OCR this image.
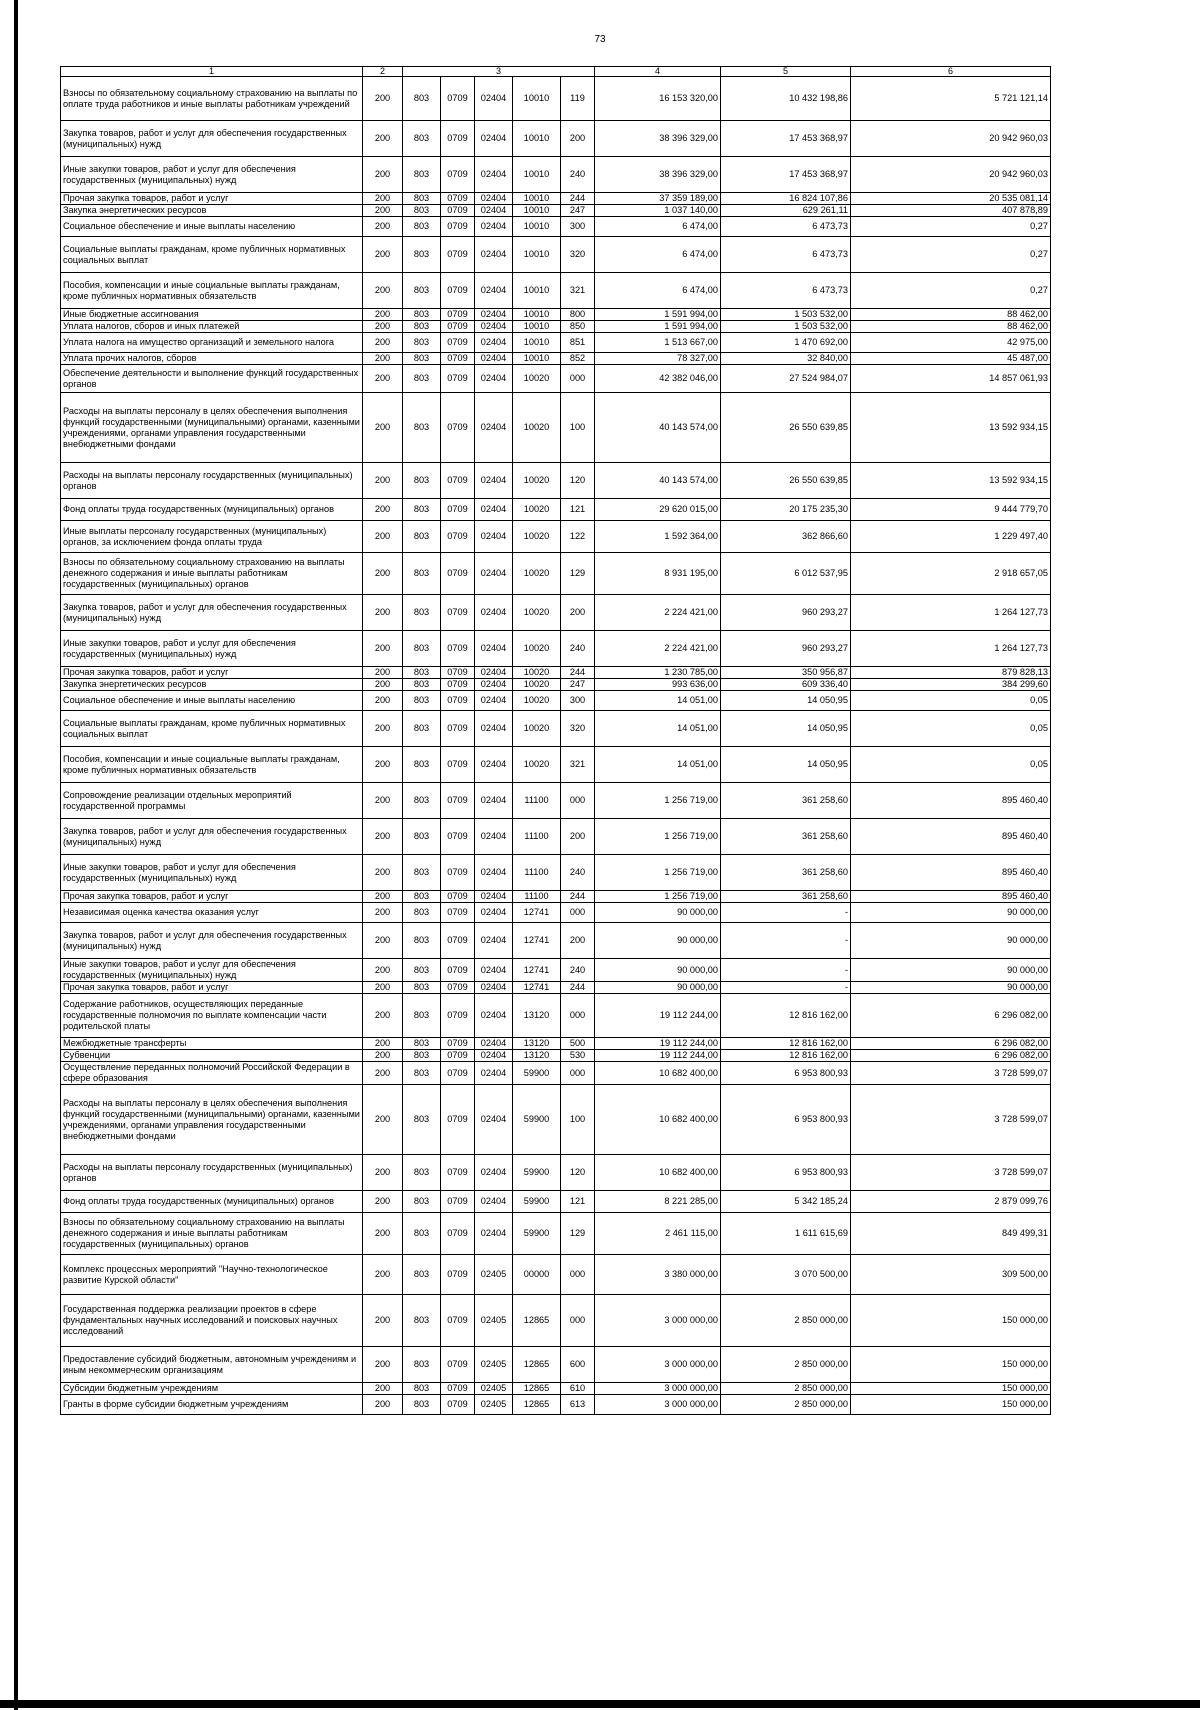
73
1	2	3					4	5	6
Взносы по обязательному социальному страхованию на выплаты по оплате труда работников и иные выплаты работникам учреждений	200	803	0709	02404	10010	119	16 153 320,00	10 432 198,86	5 721 121,14
Закупка товаров, работ и услуг для обеспечения государственных (муниципальных) нужд	200	803	0709	02404	10010	200	38 396 329,00	17 453 368,97	20 942 960,03
Иные закупки товаров, работ и услуг для обеспечения государственных (муниципальных) нужд	200	803	0709	02404	10010	240	38 396 329,00	17 453 368,97	20 942 960,03
Прочая закупка товаров, работ и услуг	200	803	0709	02404	10010	244	37 359 189,00	16 824 107,86	20 535 081,14
Закупка энергетических ресурсов	200	803	0709	02404	10010	247	1 037 140,00	629 261,11	407 878,89
Социальное обеспечение и иные выплаты населению	200	803	0709	02404	10010	300	6 474,00	6 473,73	0,27
Социальные выплаты гражданам, кроме публичных нормативных социальных выплат	200	803	0709	02404	10010	320	6 474,00	6 473,73	0,27
Пособия, компенсации и иные социальные выплаты гражданам, кроме публичных нормативных обязательств	200	803	0709	02404	10010	321	6 474,00	6 473,73	0,27
Иные бюджетные ассигнования	200	803	0709	02404	10010	800	1 591 994,00	1 503 532,00	88 462,00
Уплата налогов, сборов и иных платежей	200	803	0709	02404	10010	850	1 591 994,00	1 503 532,00	88 462,00
Уплата налога на имущество организаций и земельного налога	200	803	0709	02404	10010	851	1 513 667,00	1 470 692,00	42 975,00
Уплата прочих налогов, сборов	200	803	0709	02404	10010	852	78 327,00	32 840,00	45 487,00
Обеспечение деятельности и выполнение функций государственных органов	200	803	0709	02404	10020	000	42 382 046,00	27 524 984,07	14 857 061,93
Расходы на выплаты персоналу в целях обеспечения выполнения функций государственными (муниципальными) органами, казенными учреждениями, органами управления государственными внебюджетными фондами	200	803	0709	02404	10020	100	40 143 574,00	26 550 639,85	13 592 934,15
Расходы на выплаты персоналу государственных (муниципальных) органов	200	803	0709	02404	10020	120	40 143 574,00	26 550 639,85	13 592 934,15
Фонд оплаты труда государственных (муниципальных) органов	200	803	0709	02404	10020	121	29 620 015,00	20 175 235,30	9 444 779,70
Иные выплаты персоналу государственных (муниципальных) органов, за исключением фонда оплаты труда	200	803	0709	02404	10020	122	1 592 364,00	362 866,60	1 229 497,40
Взносы по обязательному социальному страхованию на выплаты денежного содержания и иные выплаты работникам государственных (муниципальных) органов	200	803	0709	02404	10020	129	8 931 195,00	6 012 537,95	2 918 657,05
Закупка товаров, работ и услуг для обеспечения государственных (муниципальных) нужд	200	803	0709	02404	10020	200	2 224 421,00	960 293,27	1 264 127,73
Иные закупки товаров, работ и услуг для обеспечения государственных (муниципальных) нужд	200	803	0709	02404	10020	240	2 224 421,00	960 293,27	1 264 127,73
Прочая закупка товаров, работ и услуг	200	803	0709	02404	10020	244	1 230 785,00	350 956,87	879 828,13
Закупка энергетических ресурсов	200	803	0709	02404	10020	247	993 636,00	609 336,40	384 299,60
Социальное обеспечение и иные выплаты населению	200	803	0709	02404	10020	300	14 051,00	14 050,95	0,05
Социальные выплаты гражданам, кроме публичных нормативных социальных выплат	200	803	0709	02404	10020	320	14 051,00	14 050,95	0,05
Пособия, компенсации и иные социальные выплаты гражданам, кроме публичных нормативных обязательств	200	803	0709	02404	10020	321	14 051,00	14 050,95	0,05
Сопровождение реализации отдельных мероприятий государственной программы	200	803	0709	02404	11100	000	1 256 719,00	361 258,60	895 460,40
Закупка товаров, работ и услуг для обеспечения государственных (муниципальных) нужд	200	803	0709	02404	11100	200	1 256 719,00	361 258,60	895 460,40
Иные закупки товаров, работ и услуг для обеспечения государственных (муниципальных) нужд	200	803	0709	02404	11100	240	1 256 719,00	361 258,60	895 460,40
Прочая закупка товаров, работ и услуг	200	803	0709	02404	11100	244	1 256 719,00	361 258,60	895 460,40
Независимая оценка качества оказания услуг	200	803	0709	02404	12741	000	90 000,00	-	90 000,00
Закупка товаров, работ и услуг для обеспечения государственных (муниципальных) нужд	200	803	0709	02404	12741	200	90 000,00	-	90 000,00
Иные закупки товаров, работ и услуг для обеспечения государственных (муниципальных) нужд	200	803	0709	02404	12741	240	90 000,00	-	90 000,00
Прочая закупка товаров, работ и услуг	200	803	0709	02404	12741	244	90 000,00	-	90 000,00
Содержание работников, осуществляющих переданные государственные полномочия по выплате компенсации части родительской платы	200	803	0709	02404	13120	000	19 112 244,00	12 816 162,00	6 296 082,00
Межбюджетные трансферты	200	803	0709	02404	13120	500	19 112 244,00	12 816 162,00	6 296 082,00
Субвенции	200	803	0709	02404	13120	530	19 112 244,00	12 816 162,00	6 296 082,00
Осуществление переданных полномочий Российской Федерации в сфере образования	200	803	0709	02404	59900	000	10 682 400,00	6 953 800,93	3 728 599,07
Расходы на выплаты персоналу в целях обеспечения выполнения функций государственными (муниципальными) органами, казенными учреждениями, органами управления государственными внебюджетными фондами	200	803	0709	02404	59900	100	10 682 400,00	6 953 800,93	3 728 599,07
Расходы на выплаты персоналу государственных (муниципальных) органов	200	803	0709	02404	59900	120	10 682 400,00	6 953 800,93	3 728 599,07
Фонд оплаты труда государственных (муниципальных) органов	200	803	0709	02404	59900	121	8 221 285,00	5 342 185,24	2 879 099,76
Взносы по обязательному социальному страхованию на выплаты денежного содержания и иные выплаты работникам государственных (муниципальных) органов	200	803	0709	02404	59900	129	2 461 115,00	1 611 615,69	849 499,31
Комплекс процессных мероприятий "Научно-технологическое развитие Курской области"	200	803	0709	02405	00000	000	3 380 000,00	3 070 500,00	309 500,00
Государственная поддержка реализации проектов в сфере фундаментальных научных исследований и поисковых научных исследований	200	803	0709	02405	12865	000	3 000 000,00	2 850 000,00	150 000,00
Предоставление субсидий бюджетным, автономным учреждениям и иным некоммерческим организациям	200	803	0709	02405	12865	600	3 000 000,00	2 850 000,00	150 000,00
Субсидии бюджетным учреждениям	200	803	0709	02405	12865	610	3 000 000,00	2 850 000,00	150 000,00
Гранты в форме субсидии бюджетным учреждениям	200	803	0709	02405	12865	613	3 000 000,00	2 850 000,00	150 000,00
